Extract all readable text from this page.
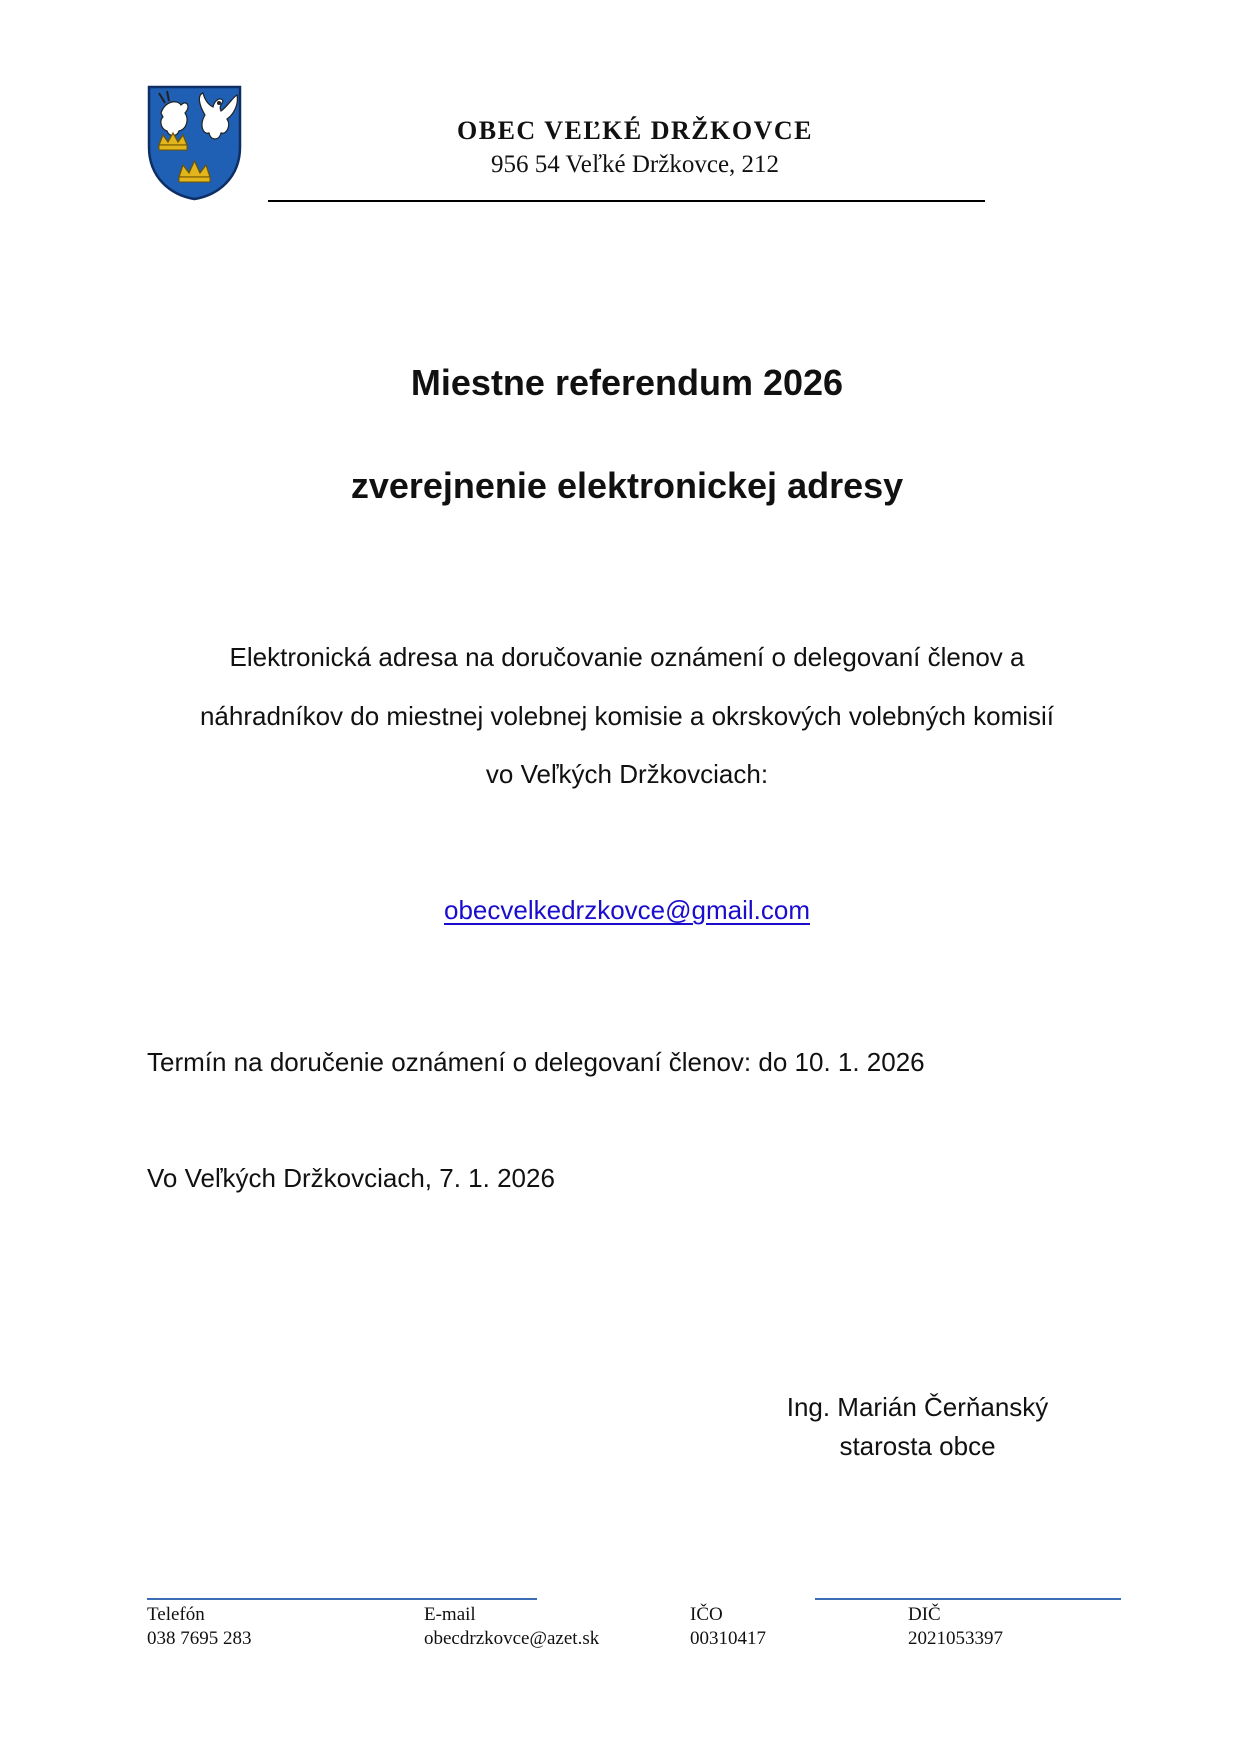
OBEC VEĽKÉ DRŽKOVCE
956 54 Veľké Držkovce, 212
Miestne referendum 2026
zverejnenie elektronickej adresy
Elektronická adresa na doručovanie oznámení o delegovaní členov a
náhradníkov do miestnej volebnej komisie a okrskových volebných komisií
vo Veľkých Držkovciach:
obecvelkedrzkovce@gmail.com
Termín na doručenie oznámení o delegovaní členov: do 10. 1. 2026
Vo Veľkých Držkovciach, 7. 1. 2026
Ing. Marián Čerňanský
starosta obce
Telefón
038 7695 283
E-mail
obecdrzkovce@azet.sk
IČO
00310417
DIČ
2021053397
